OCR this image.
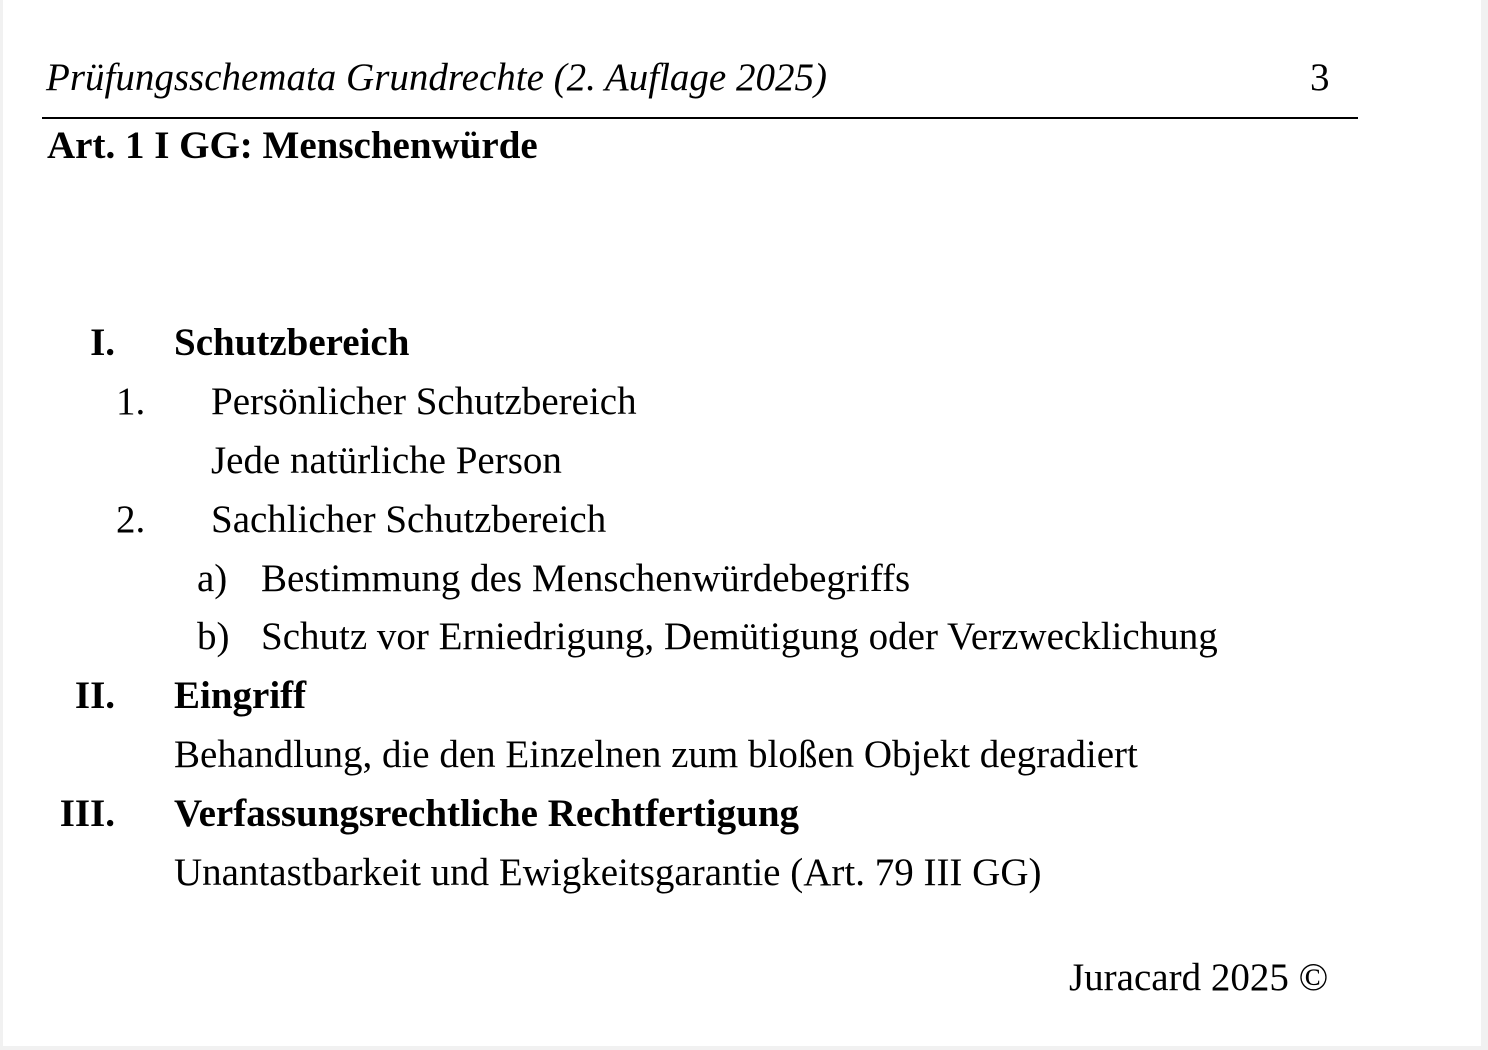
Prüfungsschemata Grundrechte (2. Auflage 2025)	3
Art. 1 I GG: Menschenwürde
I. Schutzbereich
1. Persönlicher Schutzbereich
Jede natürliche Person
2. Sachlicher Schutzbereich
a) Bestimmung des Menschenwürdebegriffs
b) Schutz vor Erniedrigung, Demütigung oder Verzwecklichung
II. Eingriff
Behandlung, die den Einzelnen zum bloßen Objekt degradiert
III. Verfassungsrechtliche Rechtfertigung
Unantastbarkeit und Ewigkeitsgarantie (Art. 79 III GG)
Juracard 2025 ©
